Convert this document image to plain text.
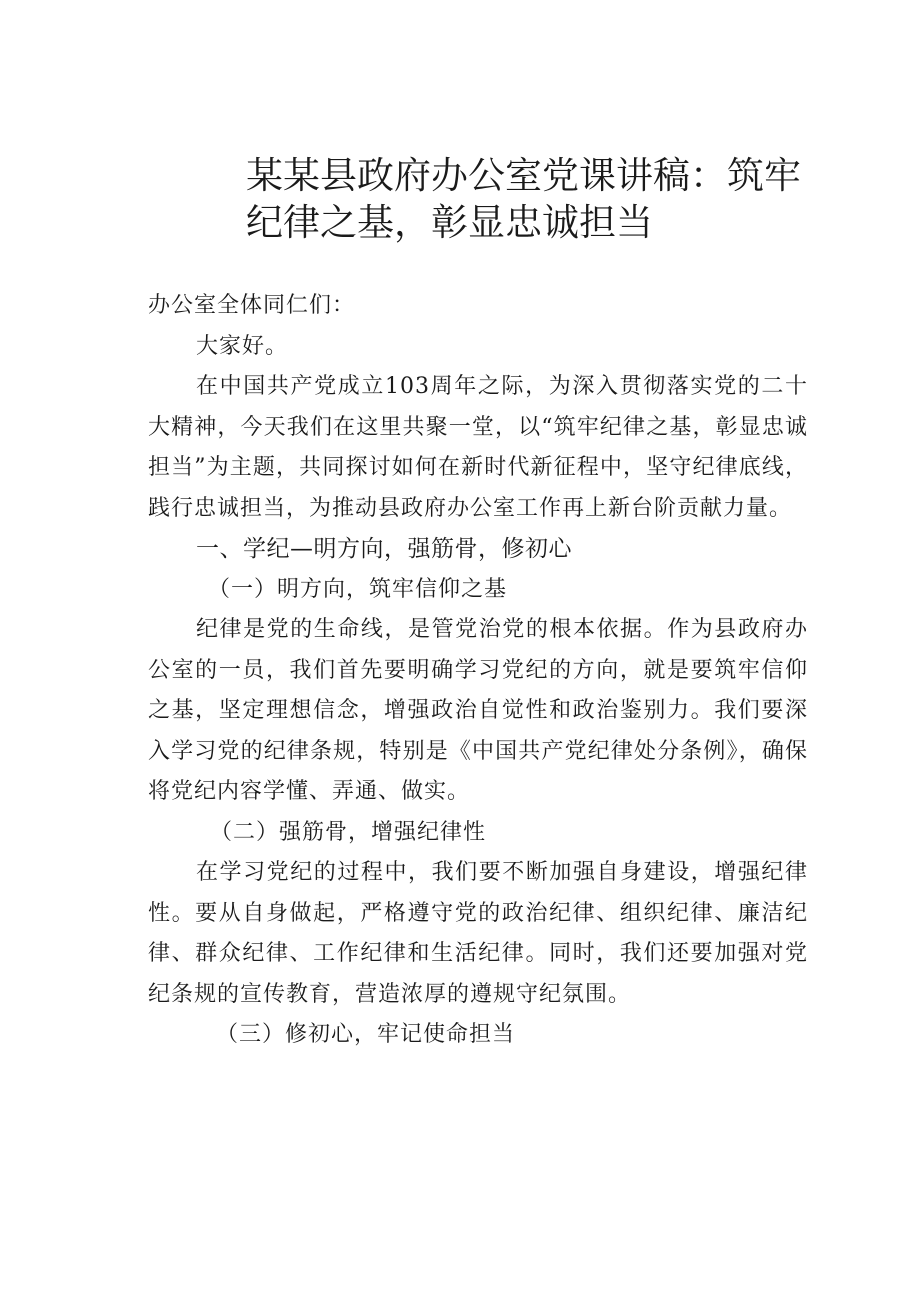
某某县政府办公室党课讲稿：筑牢纪律之基，彰显忠诚担当

办公室全体同仁们：

大家好。

在中国共产党成立103周年之际，为深入贯彻落实党的二十大精神，今天我们在这里共聚一堂，以“筑牢纪律之基，彰显忠诚担当”为主题，共同探讨如何在新时代新征程中，坚守纪律底线，践行忠诚担当，为推动县政府办公室工作再上新台阶贡献力量。

一、学纪—明方向，强筋骨，修初心

（一）明方向，筑牢信仰之基

纪律是党的生命线，是管党治党的根本依据。作为县政府办公室的一员，我们首先要明确学习党纪的方向，就是要筑牢信仰之基，坚定理想信念，增强政治自觉性和政治鉴别力。我们要深入学习党的纪律条规，特别是《中国共产党纪律处分条例》，确保将党纪内容学懂、弄通、做实。

（二）强筋骨，增强纪律性

在学习党纪的过程中，我们要不断加强自身建设，增强纪律性。要从自身做起，严格遵守党的政治纪律、组织纪律、廉洁纪律、群众纪律、工作纪律和生活纪律。同时，我们还要加强对党纪条规的宣传教育，营造浓厚的遵规守纪氛围。

（三）修初心，牢记使命担当
